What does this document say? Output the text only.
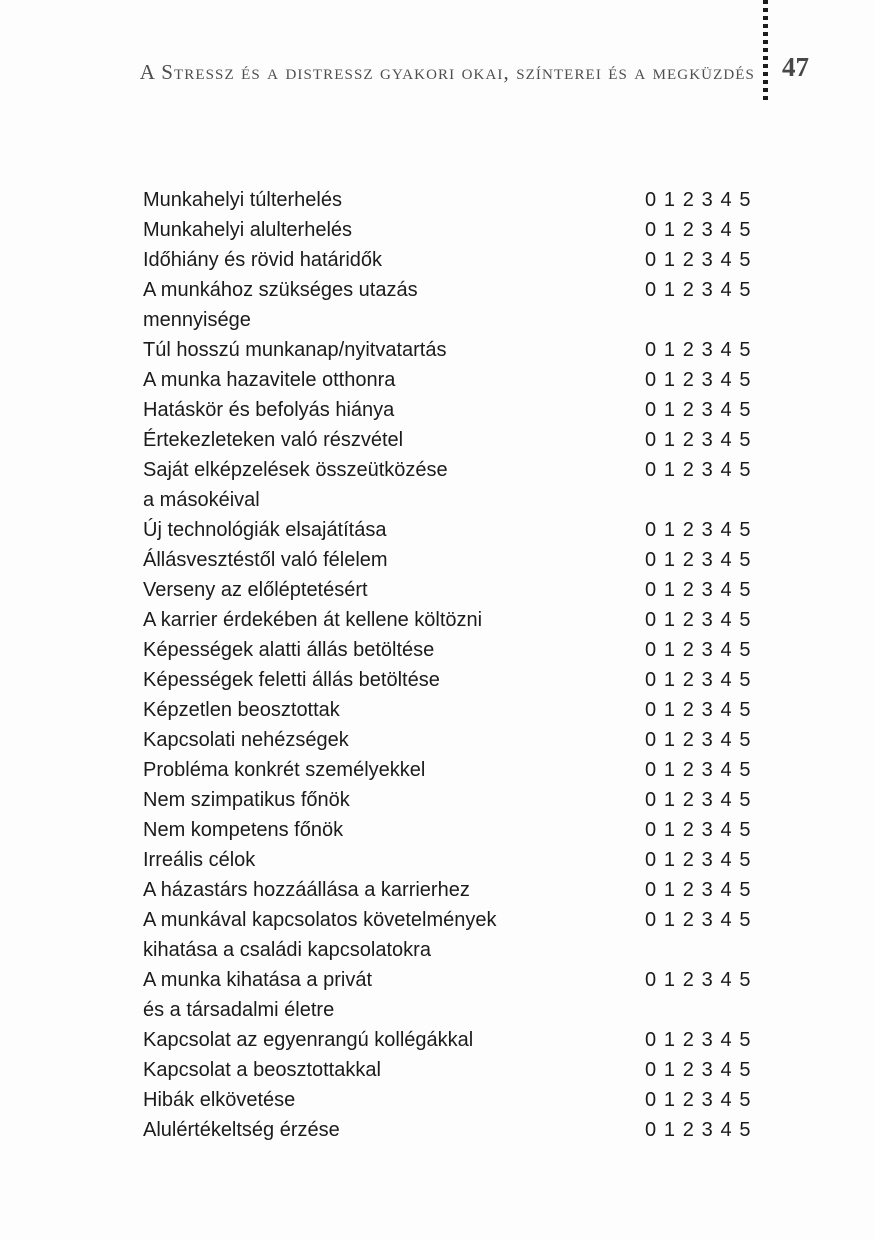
A Stressz és a distressz gyakori okai, színterei és a megküzdés 47
Munkahelyi túlterhelés	0 1 2 3 4 5
Munkahelyi alulterhelés	0 1 2 3 4 5
Időhiány és rövid határidők	0 1 2 3 4 5
A munkához szükséges utazás
mennyisége
0 1 2 3 4 5
Túl hosszú munkanap/nyitvatartás	0 1 2 3 4 5
A munka hazavitele otthonra	0 1 2 3 4 5
Hatáskör és befolyás hiánya	0 1 2 3 4 5
Értekezleteken való részvétel	0 1 2 3 4 5
Saját elképzelések összeütközése
a másokéival
0 1 2 3 4 5
Új technológiák elsajátítása	0 1 2 3 4 5
Állásvesztéstől való félelem	0 1 2 3 4 5
Verseny az előléptetésért	0 1 2 3 4 5
A karrier érdekében át kellene költözni	0 1 2 3 4 5
Képességek alatti állás betöltése	0 1 2 3 4 5
Képességek feletti állás betöltése	0 1 2 3 4 5
Képzetlen beosztottak	0 1 2 3 4 5
Kapcsolati nehézségek	0 1 2 3 4 5
Probléma konkrét személyekkel	0 1 2 3 4 5
Nem szimpatikus főnök	0 1 2 3 4 5
Nem kompetens főnök	0 1 2 3 4 5
Irreális célok	0 1 2 3 4 5
A házastárs hozzáállása a karrierhez	0 1 2 3 4 5
A munkával kapcsolatos követelmények
kihatása a családi kapcsolatokra
0 1 2 3 4 5
A munka kihatása a privát
és a társadalmi életre
0 1 2 3 4 5
Kapcsolat az egyenrangú kollégákkal	0 1 2 3 4 5
Kapcsolat a beosztottakkal	0 1 2 3 4 5
Hibák elkövetése	0 1 2 3 4 5
Alulértékeltség érzése	0 1 2 3 4 5
